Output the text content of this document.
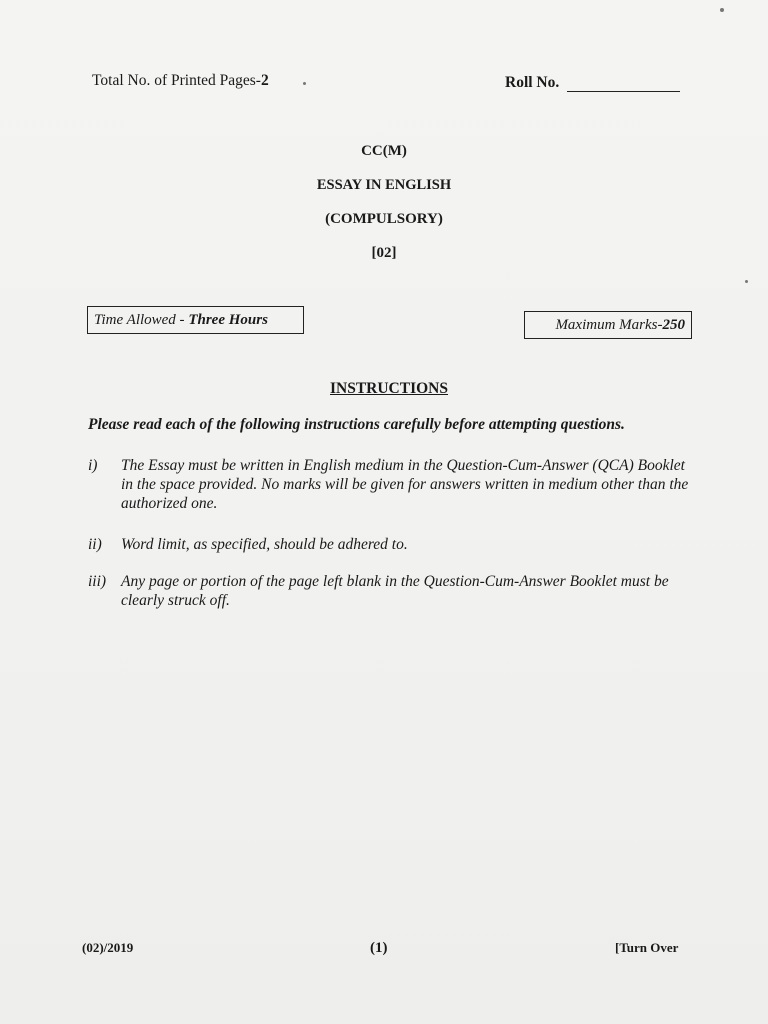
Total No. of Printed Pages-2	Roll No.
CC(M)
ESSAY IN ENGLISH
(COMPULSORY)
[02]
Time Allowed - Three Hours	Maximum Marks-250
INSTRUCTIONS
Please read each of the following instructions carefully before attempting questions.
i)	The Essay must be written in English medium in the Question-Cum-Answer (QCA) Booklet in the space provided. No marks will be given for answers written in medium other than the authorized one.
ii)	Word limit, as specified, should be adhered to.
iii) Any page or portion of the page left blank in the Question-Cum-Answer Booklet must be clearly struck off.
(02)/2019	(1)	[Turn Over
